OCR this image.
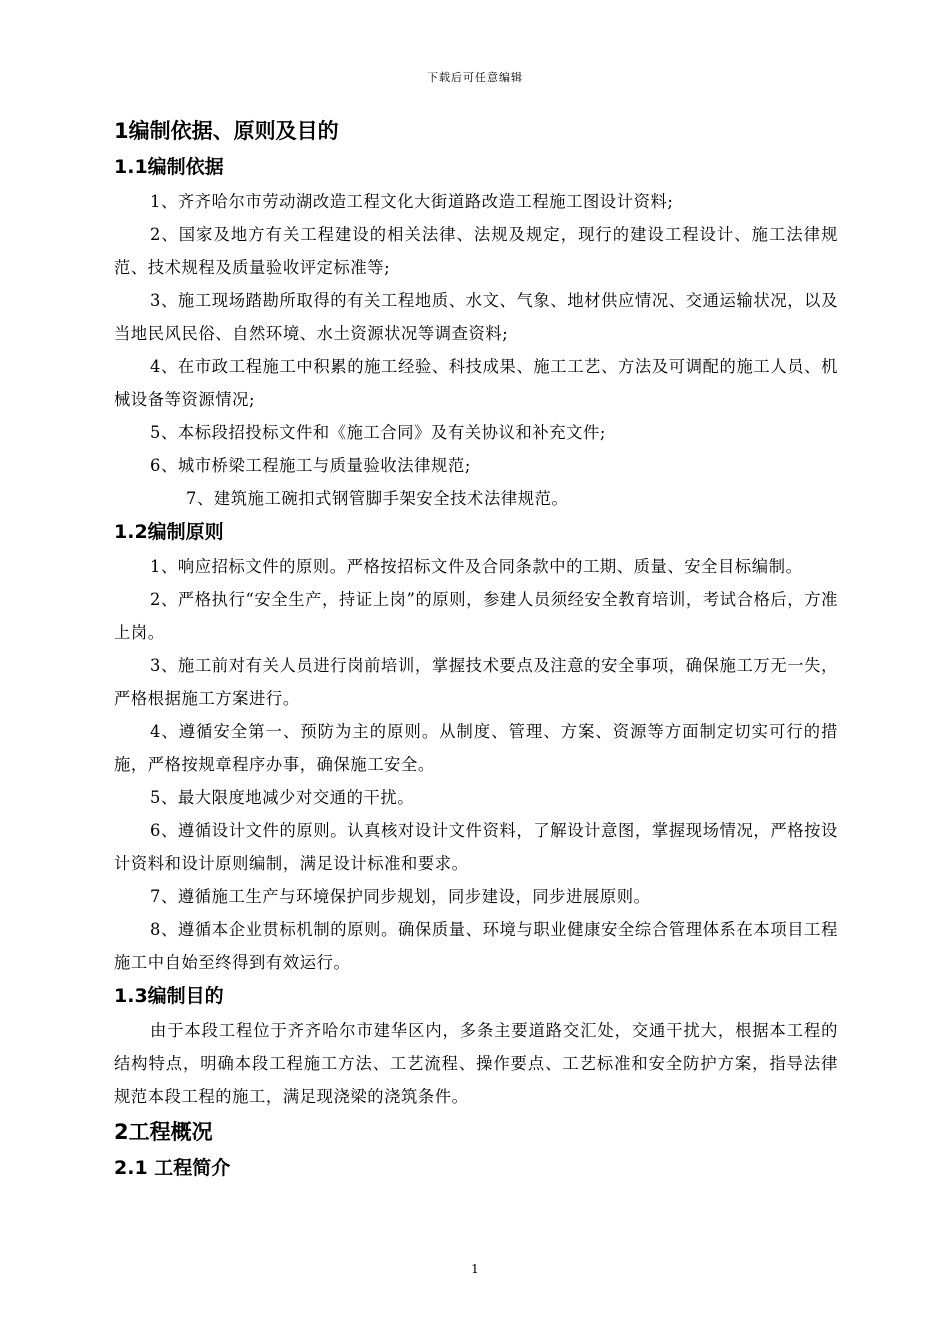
下载后可任意编辑
1编制依据、原则及目的
1.1编制依据

1、齐齐哈尔市劳动湖改造工程文化大街道路改造工程施工图设计资料;

2、国家及地方有关工程建设的相关法律、法规及规定，现行的建设工程设计、施工法律规范、技术规程及质量验收评定标准等;

3、施工现场踏勘所取得的有关工程地质、水文、气象、地材供应情况、交通运输状况，以及当地民风民俗、自然环境、水土资源状况等调查资料;

4、在市政工程施工中积累的施工经验、科技成果、施工工艺、方法及可调配的施工人员、机械设备等资源情况;

5、本标段招投标文件和《施工合同》及有关协议和补充文件;

6、城市桥梁工程施工与质量验收法律规范;

7、建筑施工碗扣式钢管脚手架安全技术法律规范。

1.2编制原则

1、响应招标文件的原则。严格按招标文件及合同条款中的工期、质量、安全目标编制。

2、严格执行“安全生产，持证上岗”的原则，参建人员须经安全教育培训，考试合格后，方准上岗。

3、施工前对有关人员进行岗前培训，掌握技术要点及注意的安全事项，确保施工万无一失，严格根据施工方案进行。

4、遵循安全第一、预防为主的原则。从制度、管理、方案、资源等方面制定切实可行的措施，严格按规章程序办事，确保施工安全。

5、最大限度地减少对交通的干扰。

6、遵循设计文件的原则。认真核对设计文件资料，了解设计意图，掌握现场情况，严格按设计资料和设计原则编制，满足设计标准和要求。

7、遵循施工生产与环境保护同步规划，同步建设，同步进展原则。

8、遵循本企业贯标机制的原则。确保质量、环境与职业健康安全综合管理体系在本项目工程施工中自始至终得到有效运行。

1.3编制目的

由于本段工程位于齐齐哈尔市建华区内，多条主要道路交汇处，交通干扰大，根据本工程的结构特点，明确本段工程施工方法、工艺流程、操作要点、工艺标准和安全防护方案，指导法律规范本段工程的施工，满足现浇梁的浇筑条件。

2工程概况
2.1 工程简介
1
